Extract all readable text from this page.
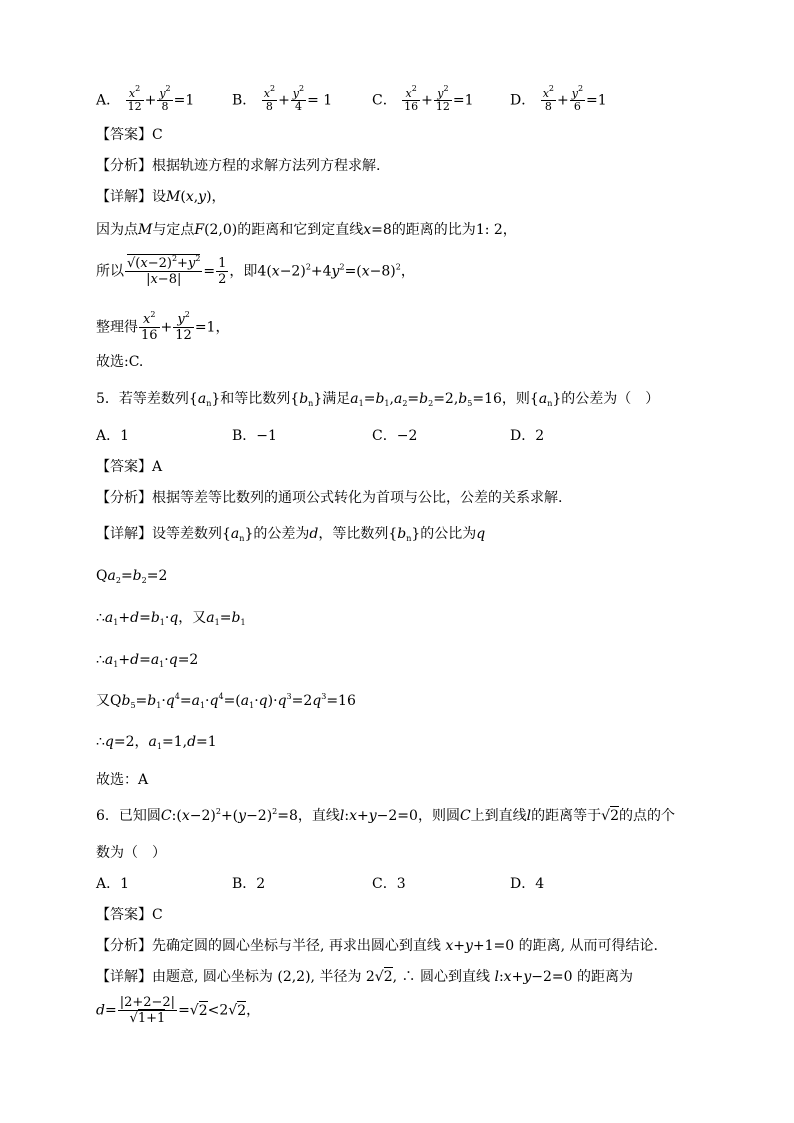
A． $\frac{x^2}{12} + \frac{y^2}{8} =1$	B． $\frac{x^2}{8} + \frac{y^2}{4} = 1$	C． $\frac{x^2}{16} + \frac{y^2}{12} =1$	D． $\frac{x^2}{8} + \frac{y^2}{6} =1$
【答案】C
【分析】根据轨迹方程的求解方法列方程求解.
【详解】设M(x,y)，
因为点M与定点F(2,0)的距离和它到定直线x=8的距离的比为1: 2，
所以 $\frac{√(x-2)^2+y^2}{|x-8|} = \frac{1}{2}$ ，即$4(x-2)^2+4y^2=(x-8)^2$，
整理得 $\frac{x^2}{16} + \frac{y^2}{12} =1$，
故选:C.
5．若等差数列$\{a_n\}$和等比数列$\{b_n\}$满足$a_1=b_1,a_2=b_2=2,b_5=16$，则$\{a_n\}$的公差为（　）
A．1	B．−1	C．−2	D．2
【答案】A
【分析】根据等差等比数列的通项公式转化为首项与公比，公差的关系求解.
【详解】设等差数列$\{a_n\}$的公差为d，等比数列$\{b_n\}$的公比为q
$Qa_2=b_2=2$
$\therefore a_1+d=b_1\cdot q$，又$a_1=b_1$
$\therefore a_1+d=a_1\cdot q=2$
又$Qb_5=b_1\cdot q^4=a_1\cdot q^4=(a_1\cdot q)\cdot q^3=2q^3=16$
∴q=2，$a_1=1,d=1$
故选：A
6．已知圆$C:(x-2)^2+(y-2)^2=8$，直线l:x+y−2=0，则圆C上到直线l的距离等于√2的点的个
数为（　）
A．1	B．2	C．3	D．4
【答案】C
【分析】先确定圆的圆心坐标与半径, 再求出圆心到直线 x+y+1=0 的距离, 从而可得结论.
【详解】由题意, 圆心坐标为 (2,2), 半径为 2√2, ∴ 圆心到直线 l:x+y−2=0 的距离为
$d= \frac{|2+2-2|}{√1+1} =√2<2√2$，
